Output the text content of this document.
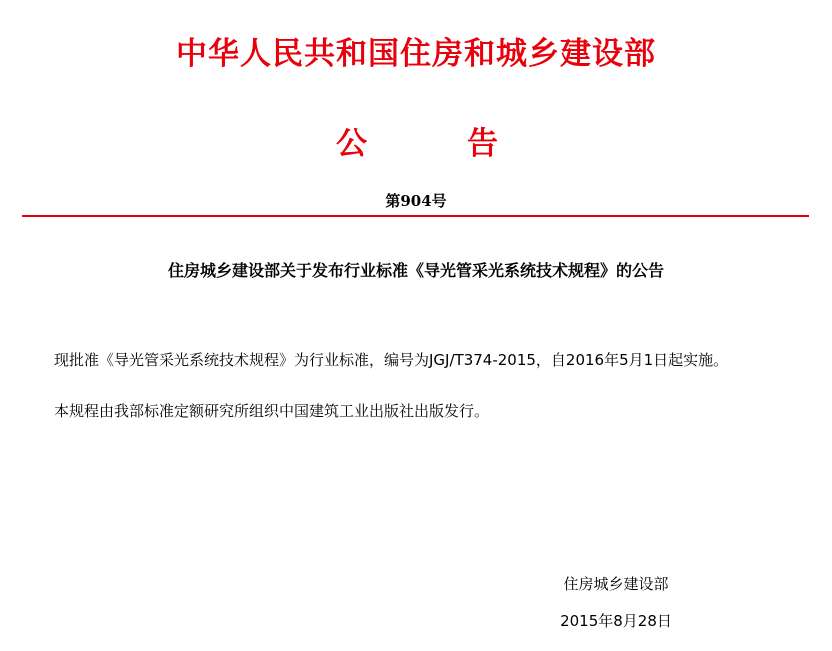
中华人民共和国住房和城乡建设部
公	告
第904号
住房城乡建设部关于发布行业标准《导光管采光系统技术规程》的公告
现批准《导光管采光系统技术规程》为行业标准，编号为JGJ/T374-2015，自2016年5月1日起实施。
本规程由我部标准定额研究所组织中国建筑工业出版社出版发行。
住房城乡建设部
2015年8月28日
